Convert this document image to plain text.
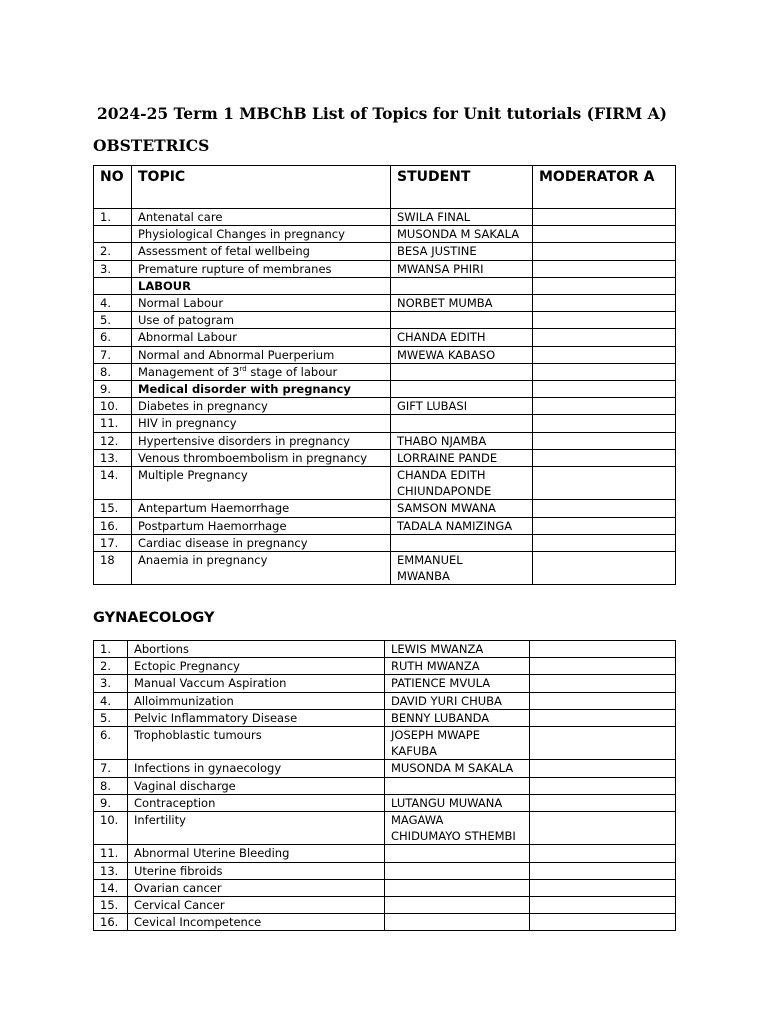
2024-25 Term 1 MBChB List of Topics for Unit tutorials (FIRM A)
OBSTETRICS
NO	TOPIC	STUDENT	MODERATOR A
1.	Antenatal care	SWILA FINAL	
	Physiological Changes in pregnancy	MUSONDA M SAKALA	
2.	Assessment of fetal wellbeing	BESA JUSTINE	
3.	Premature rupture of membranes	MWANSA PHIRI	
	LABOUR		
4.	Normal Labour	NORBET MUMBA	
5.	Use of patogram		
6.	Abnormal Labour	CHANDA EDITH	
7.	Normal and Abnormal Puerperium	MWEWA KABASO	
8.	Management of 3rd stage of labour		
9.	Medical disorder with pregnancy		
10.	Diabetes in pregnancy	GIFT LUBASI	
11.	HIV in pregnancy		
12.	Hypertensive disorders in pregnancy	THABO NJAMBA	
13.	Venous thromboembolism in pregnancy	LORRAINE PANDE	
14.	Multiple Pregnancy	CHANDA EDITH
CHIUNDAPONDE	
15.	Antepartum Haemorrhage	SAMSON MWANA	
16.	Postpartum Haemorrhage	TADALA NAMIZINGA	
17.	Cardiac disease in pregnancy		
18	Anaemia in pregnancy	EMMANUEL
MWANBA	
GYNAECOLOGY
1.	Abortions	LEWIS MWANZA	
2.	Ectopic Pregnancy	RUTH MWANZA	
3.	Manual Vaccum Aspiration	PATIENCE MVULA	
4.	Alloimmunization	DAVID YURI CHUBA	
5.	Pelvic Inflammatory Disease	BENNY LUBANDA	
6.	Trophoblastic tumours	JOSEPH MWAPE
KAFUBA	
7.	Infections in gynaecology	MUSONDA M SAKALA	
8.	Vaginal discharge		
9.	Contraception	LUTANGU MUWANA	
10.	Infertility	MAGAWA
CHIDUMAYO STHEMBI	
11.	Abnormal Uterine Bleeding		
13.	Uterine fibroids		
14.	Ovarian cancer		
15.	Cervical Cancer		
16.	Cevical Incompetence		
